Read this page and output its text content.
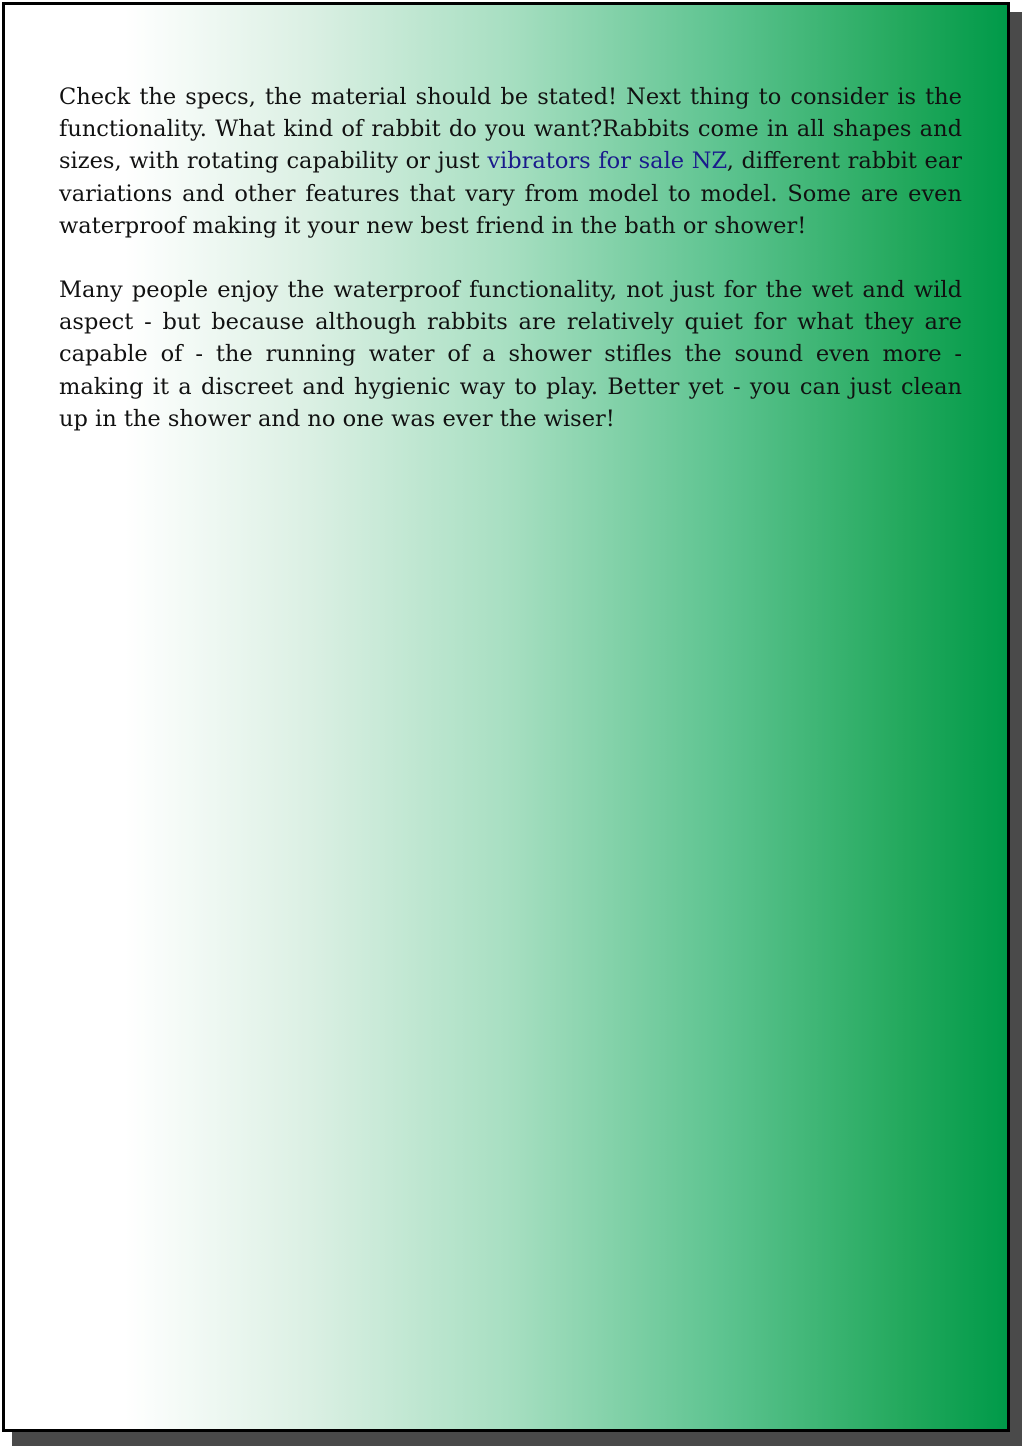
Check the specs, the material should be stated! Next thing to consider is the functionality. What kind of rabbit do you want?Rabbits come in all shapes and sizes, with rotating capability or just vibrators for sale NZ, different rabbit ear variations and other features that vary from model to model. Some are even waterproof making it your new best friend in the bath or shower!

Many people enjoy the waterproof functionality, not just for the wet and wild aspect - but because although rabbits are relatively quiet for what they are capable of - the running water of a shower stifles the sound even more -making it a discreet and hygienic way to play. Better yet - you can just clean up in the shower and no one was ever the wiser!
